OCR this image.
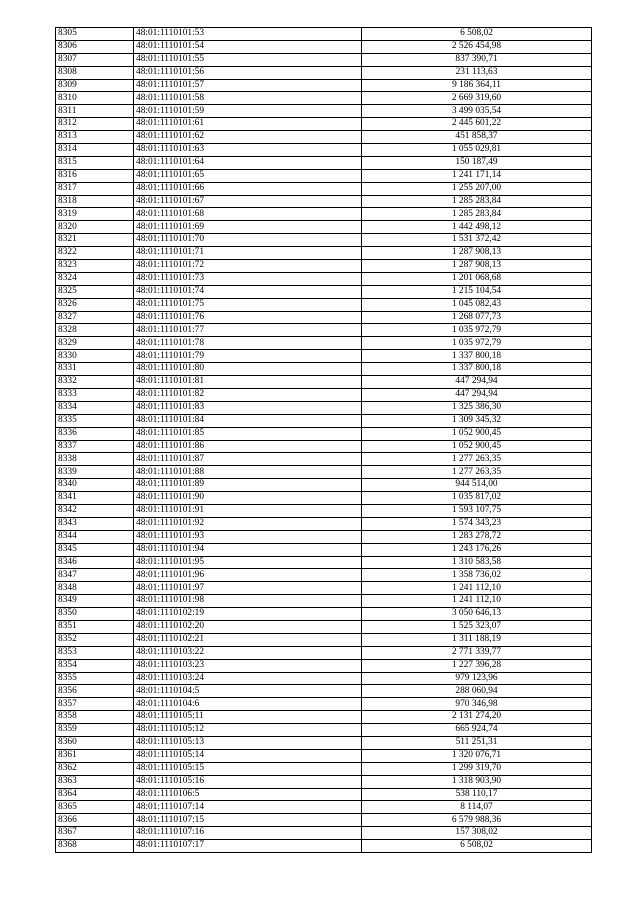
8305	48:01:1110101:53	6 508,02
8306	48:01:1110101:54	2 526 454,98
8307	48:01:1110101:55	837 390,71
8308	48:01:1110101:56	231 113,63
8309	48:01:1110101:57	9 186 364,11
8310	48:01:1110101:58	2 669 319,60
8311	48:01:1110101:59	3 499 035,54
8312	48:01:1110101:61	2 445 601,22
8313	48:01:1110101:62	451 858,37
8314	48:01:1110101:63	1 055 029,81
8315	48:01:1110101:64	150 187,49
8316	48:01:1110101:65	1 241 171,14
8317	48:01:1110101:66	1 255 207,00
8318	48:01:1110101:67	1 285 283,84
8319	48:01:1110101:68	1 285 283,84
8320	48:01:1110101:69	1 442 498,12
8321	48:01:1110101:70	1 531 372,42
8322	48:01:1110101:71	1 287 908,13
8323	48:01:1110101:72	1 287 908,13
8324	48:01:1110101:73	1 201 068,68
8325	48:01:1110101:74	1 215 104,54
8326	48:01:1110101:75	1 045 082,43
8327	48:01:1110101:76	1 268 077,73
8328	48:01:1110101:77	1 035 972,79
8329	48:01:1110101:78	1 035 972,79
8330	48:01:1110101:79	1 337 800,18
8331	48:01:1110101:80	1 337 800,18
8332	48:01:1110101:81	447 294,94
8333	48:01:1110101:82	447 294,94
8334	48:01:1110101:83	1 325 386,30
8335	48:01:1110101:84	1 309 345,32
8336	48:01:1110101:85	1 052 900,45
8337	48:01:1110101:86	1 052 900,45
8338	48:01:1110101:87	1 277 263,35
8339	48:01:1110101:88	1 277 263,35
8340	48:01:1110101:89	944 514,00
8341	48:01:1110101:90	1 035 817,02
8342	48:01:1110101:91	1 593 107,75
8343	48:01:1110101:92	1 574 343,23
8344	48:01:1110101:93	1 283 278,72
8345	48:01:1110101:94	1 243 176,26
8346	48:01:1110101:95	1 310 583,58
8347	48:01:1110101:96	1 358 736,02
8348	48:01:1110101:97	1 241 112,10
8349	48:01:1110101:98	1 241 112,10
8350	48:01:1110102:19	3 050 646,13
8351	48:01:1110102:20	1 525 323,07
8352	48:01:1110102:21	1 311 188,19
8353	48:01:1110103:22	2 771 339,77
8354	48:01:1110103:23	1 227 396,28
8355	48:01:1110103:24	979 123,96
8356	48:01:1110104:5	288 060,94
8357	48:01:1110104:6	970 346,98
8358	48:01:1110105:11	2 131 274,20
8359	48:01:1110105:12	665 924,74
8360	48:01:1110105:13	511 251,31
8361	48:01:1110105:14	1 320 076,71
8362	48:01:1110105:15	1 299 319,70
8363	48:01:1110105:16	1 318 903,90
8364	48:01:1110106:5	538 110,17
8365	48:01:1110107:14	8 114,07
8366	48:01:1110107:15	6 579 988,36
8367	48:01:1110107:16	157 308,02
8368	48:01:1110107:17	6 508,02
